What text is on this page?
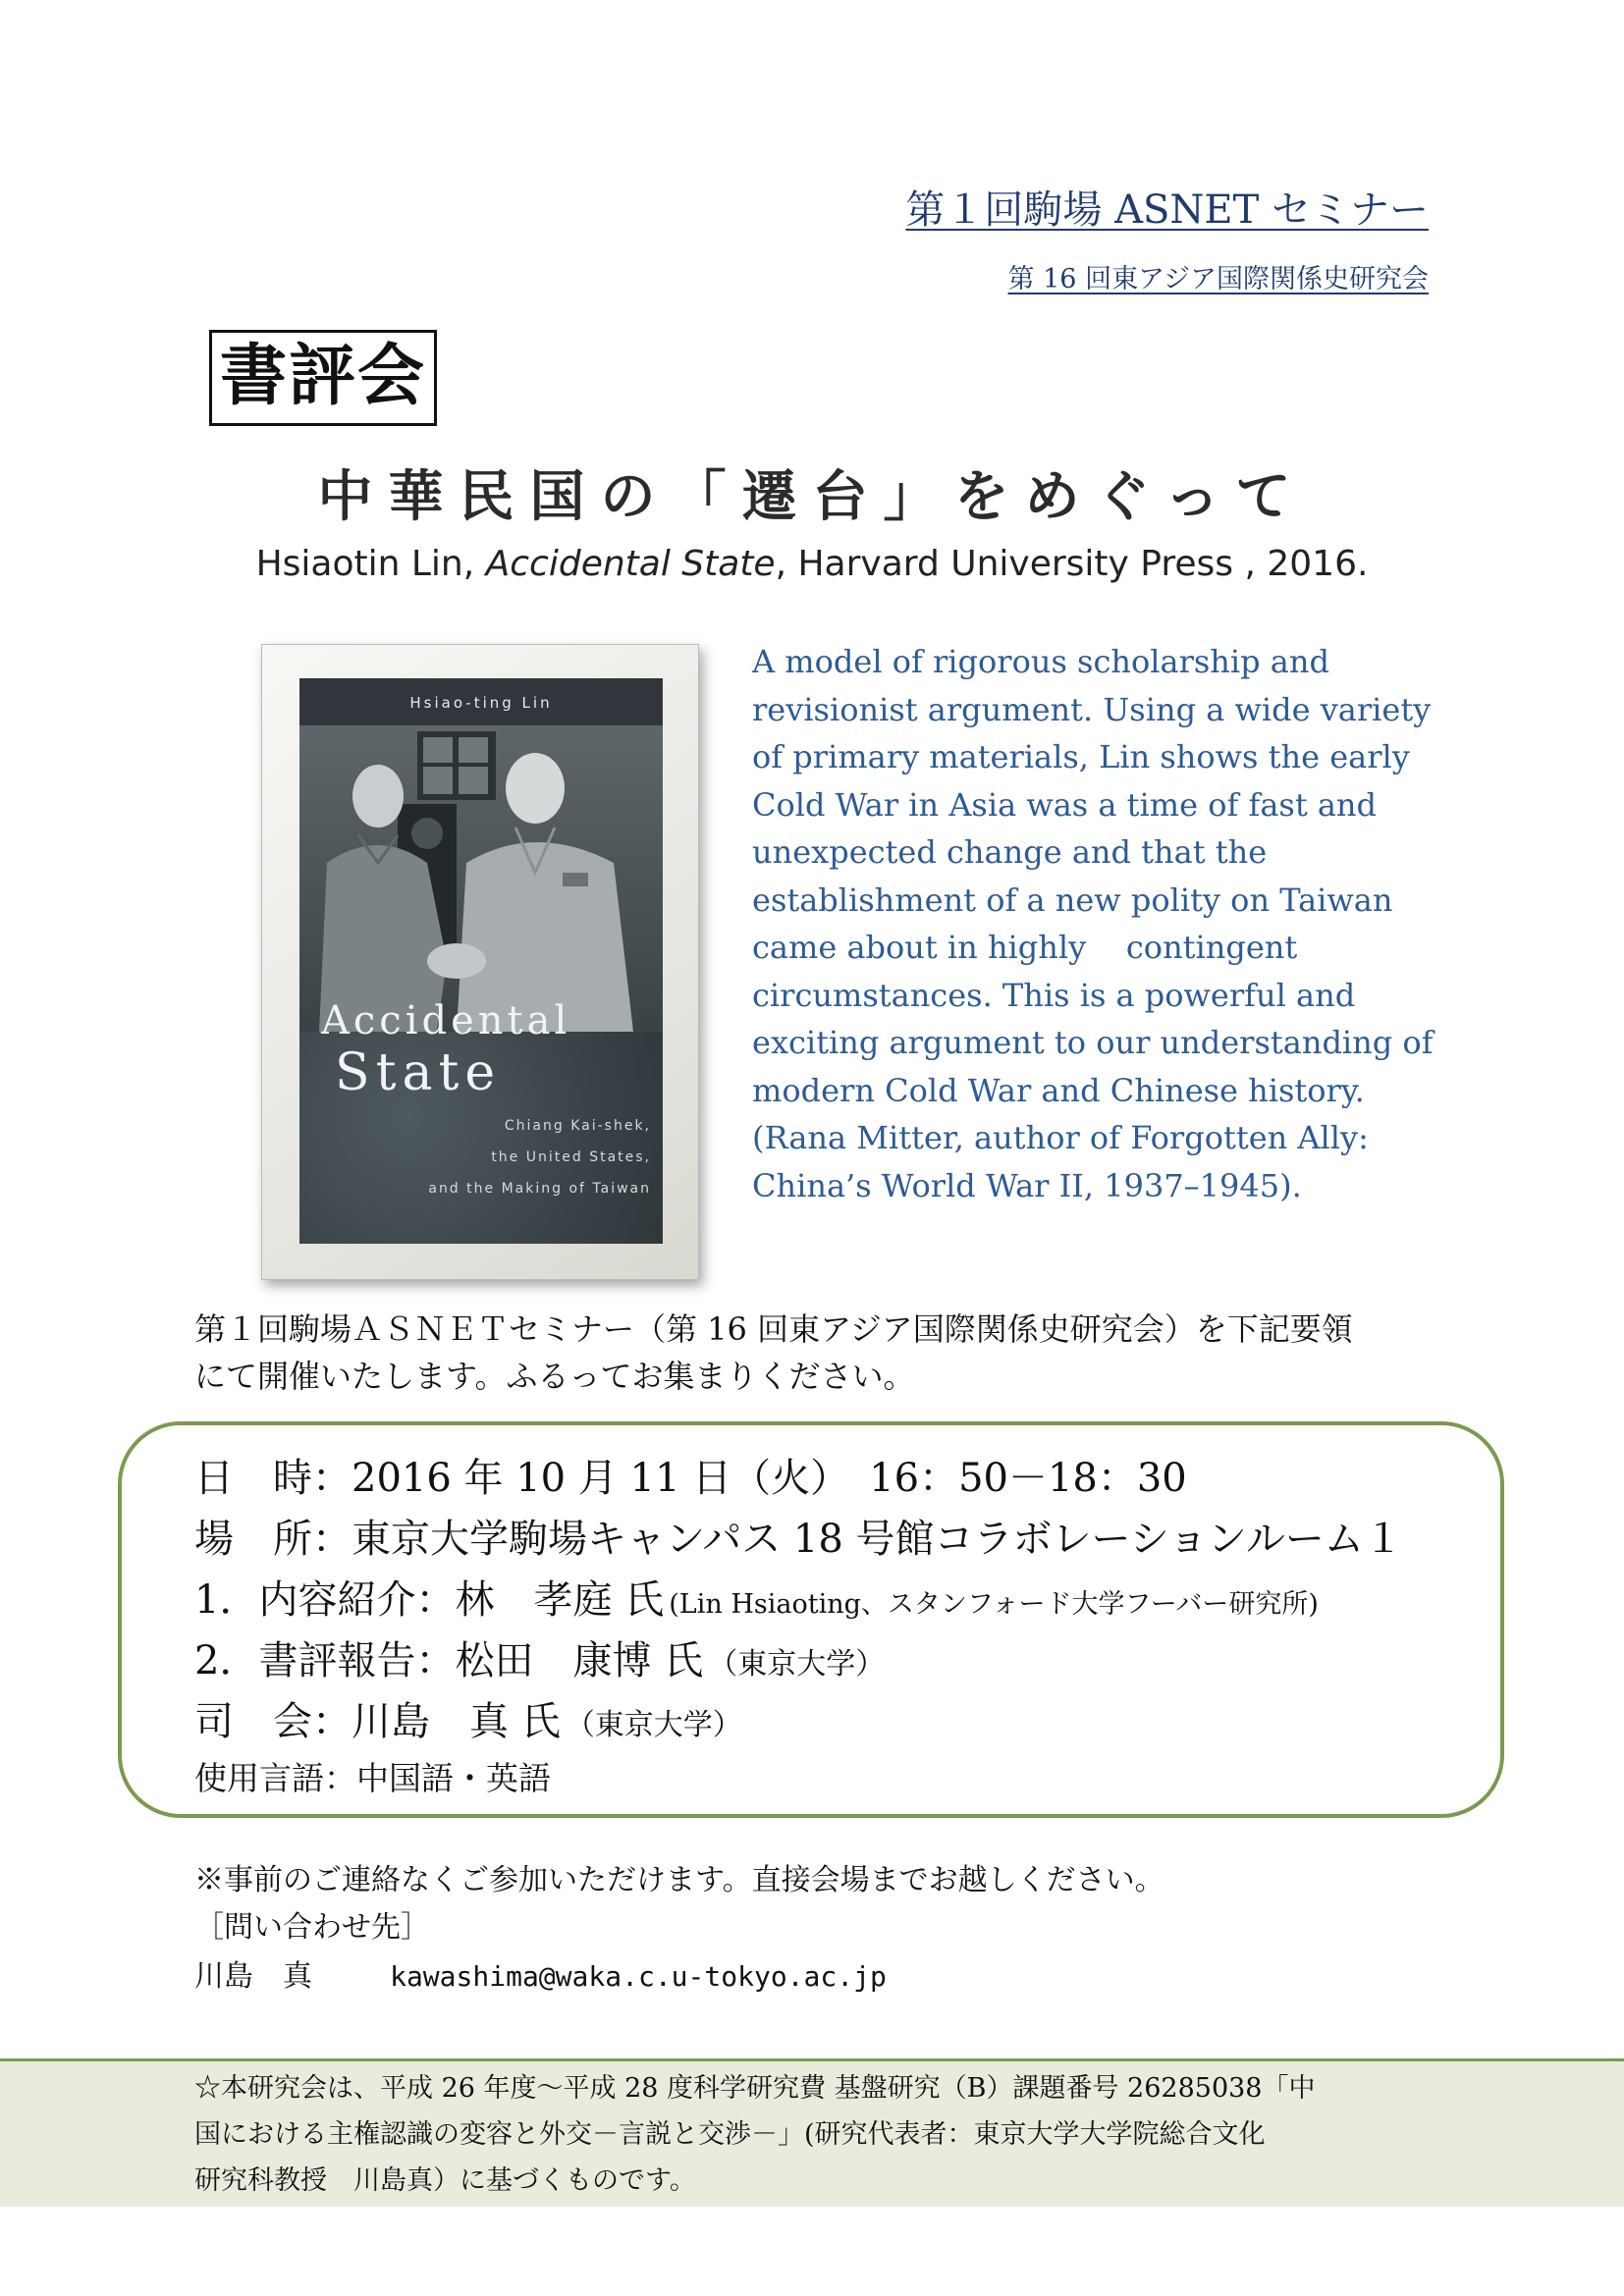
第１回駒場 ASNET セミナー
第 16 回東アジア国際関係史研究会
書評会
中華民国の「遷台」をめぐって
Hsiaotin Lin, Accidental State, Harvard University Press , 2016.
Hsiao-ting Lin
Accidental
State
Chiang Kai-shek,
the United States,
and the Making of Taiwan
A model of rigorous scholarship and
revisionist argument. Using a wide variety
of primary materials, Lin shows the early
Cold War in Asia was a time of fast and
unexpected change and that the
establishment of a new polity on Taiwan
came about in highly    contingent
circumstances. This is a powerful and
exciting argument to our understanding of
modern Cold War and Chinese history.
(Rana Mitter, author of Forgotten Ally:
China’s World War II, 1937–1945).
第１回駒場ＡＳＮＥＴセミナー（第 16 回東アジア国際関係史研究会）を下記要領
にて開催いたします。ふるってお集まりください。
日　時：2016 年 10 月 11 日（火）　16：50－18：30
場　所：東京大学駒場キャンパス 18 号館コラボレーションルーム１
1．内容紹介：林　孝庭 氏 (Lin Hsiaoting、スタンフォード大学フーバー研究所)
2．書評報告：松田　康博 氏 （東京大学）
司　会：川島　真 氏 （東京大学）
使用言語：中国語・英語
※事前のご連絡なくご参加いただけます。直接会場までお越しください。
［問い合わせ先］
川島　真	kawashima@waka.c.u-tokyo.ac.jp
☆本研究会は、平成 26 年度～平成 28 度科学研究費 基盤研究（B）課題番号 26285038「中
国における主権認識の変容と外交－言説と交渉－」(研究代表者：東京大学大学院総合文化
研究科教授　川島真）に基づくものです。
